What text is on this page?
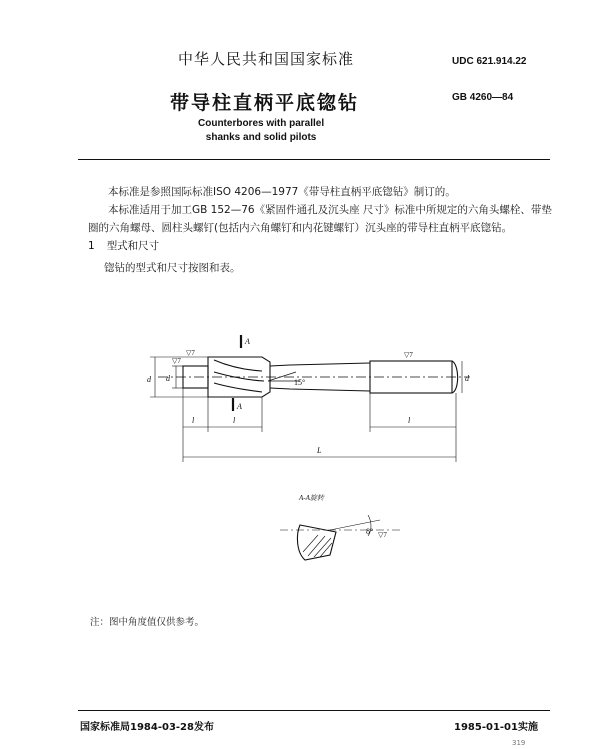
中华人民共和国国家标准	UDC 621.914.22
带导柱直柄平底锪钻	GB 4260—84
Counterbores with parallel
shanks and solid pilots
本标准是参照国际标准ISO 4206—1977《带导柱直柄平底锪钻》制订的。
本标准适用于加工GB 152—76《紧固件通孔及沉头座 尺寸》标准中所规定的六角头螺栓、带垫
圈的六角螺母、圆柱头螺钉(包括内六角螺钉和内花键螺钉）沉头座的带导柱直柄平底锪钻。
1 型式和尺寸
锪钻的型式和尺寸按图和表。
A
A
d d	d
15°
l	l	l
L
A-A旋转
8°
▽7
▽7
▽7
▽7
注：图中角度值仅供参考。
国家标准局1984-03-28发布	1985-01-01实施
319
